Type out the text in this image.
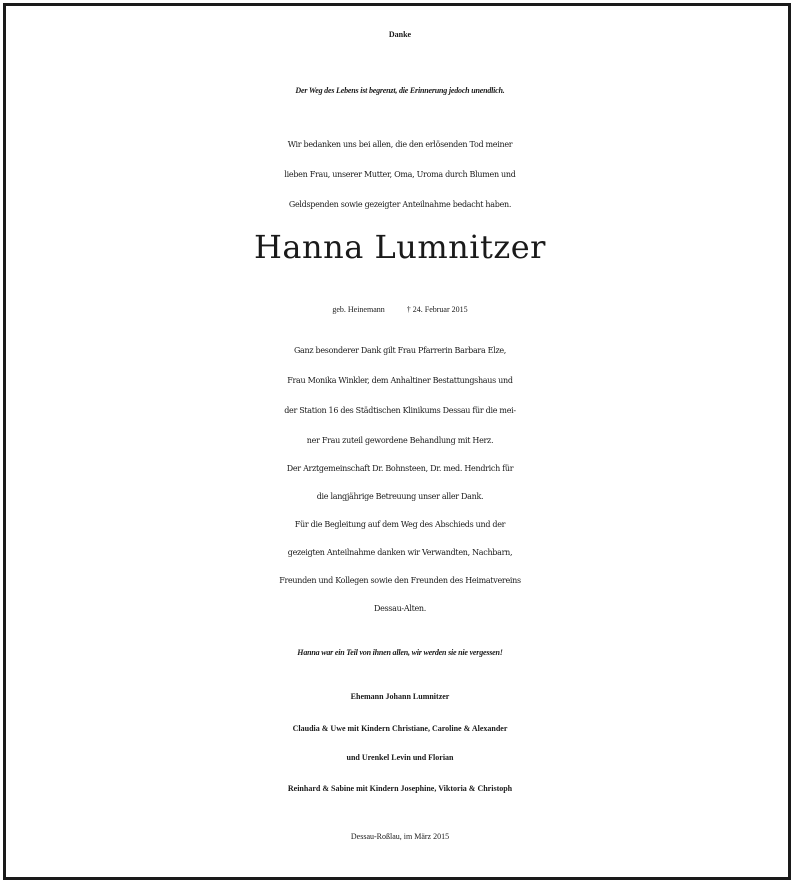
Danke
Der Weg des Lebens ist begrenzt, die Erinnerung jedoch unendlich.
Wir bedanken uns bei allen, die den erlösenden Tod meiner
lieben Frau, unserer Mutter, Oma, Uroma durch Blumen und
Geldspenden sowie gezeigter Anteilnahme bedacht haben.
Hanna Lumnitzer
geb. Heinemann	† 24. Februar 2015
Ganz besonderer Dank gilt Frau Pfarrerin Barbara Elze,
Frau Monika Winkler, dem Anhaltiner Bestattungshaus und
der Station 16 des Städtischen Klinikums Dessau für die mei-
ner Frau zuteil gewordene Behandlung mit Herz.
Der Arztgemeinschaft Dr. Bohnsteen, Dr. med. Hendrich für
die langjährige Betreuung unser aller Dank.
Für die Begleitung auf dem Weg des Abschieds und der
gezeigten Anteilnahme danken wir Verwandten, Nachbarn,
Freunden und Kollegen sowie den Freunden des Heimatvereins
Dessau-Alten.
Hanna war ein Teil von ihnen allen, wir werden sie nie vergessen!
Ehemann Johann Lumnitzer
Claudia & Uwe mit Kindern Christiane, Caroline & Alexander
und Urenkel Levin und Florian
Reinhard & Sabine mit Kindern Josephine, Viktoria & Christoph
Dessau-Roßlau, im März 2015
